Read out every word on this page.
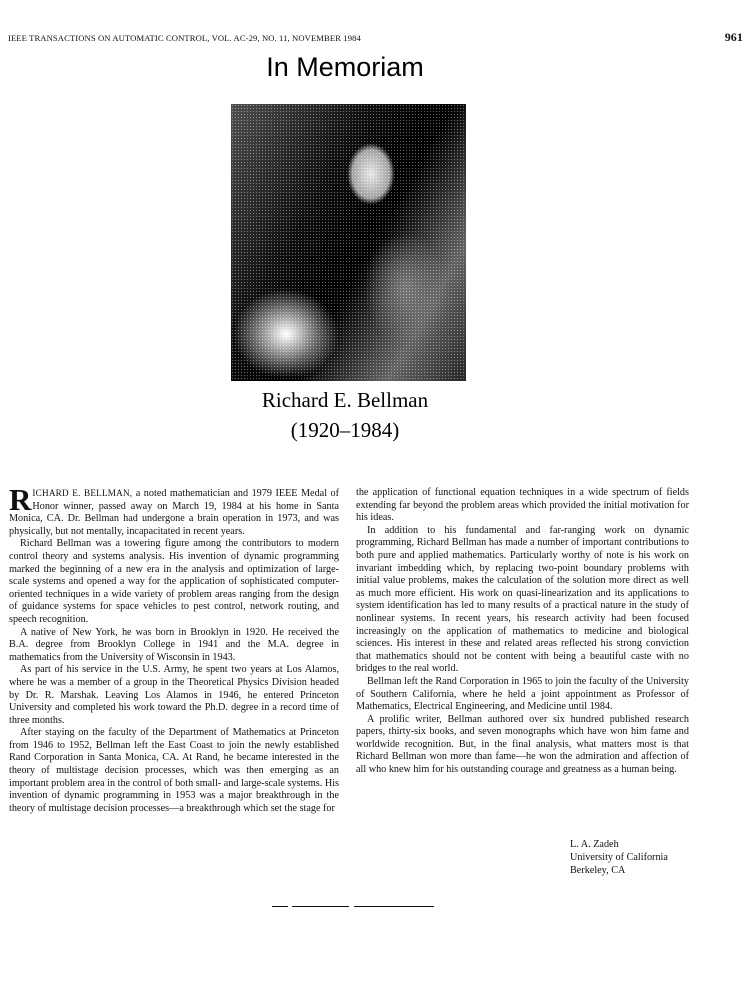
IEEE TRANSACTIONS ON AUTOMATIC CONTROL, VOL. AC-29, NO. 11, NOVEMBER 1984	961
In Memoriam
Richard E. Bellman
(1920–1984)

RICHARD E. BELLMAN, a noted mathematician and 1979 IEEE Medal of Honor winner, passed away on March 19, 1984 at his home in Santa Monica, CA. Dr. Bellman had undergone a brain operation in 1973, and was physically, but not mentally, incapacitated in recent years.

Richard Bellman was a towering figure among the contributors to modern control theory and systems analysis. His invention of dynamic programming marked the beginning of a new era in the analysis and optimization of large-scale systems and opened a way for the application of sophisticated computer-oriented techniques in a wide variety of problem areas ranging from the design of guidance systems for space vehicles to pest control, network routing, and speech recognition.

A native of New York, he was born in Brooklyn in 1920. He received the B.A. degree from Brooklyn College in 1941 and the M.A. degree in mathematics from the University of Wisconsin in 1943.

As part of his service in the U.S. Army, he spent two years at Los Alamos, where he was a member of a group in the Theoretical Physics Division headed by Dr. R. Marshak. Leaving Los Alamos in 1946, he entered Princeton University and completed his work toward the Ph.D. degree in a record time of three months.

After staying on the faculty of the Department of Mathematics at Princeton from 1946 to 1952, Bellman left the East Coast to join the newly established Rand Corporation in Santa Monica, CA. At Rand, he became interested in the theory of multistage decision processes, which was then emerging as an important problem area in the control of both small- and large-scale systems. His invention of dynamic programming in 1953 was a major breakthrough in the theory of multistage decision processes—a breakthrough which set the stage for

the application of functional equation techniques in a wide spectrum of fields extending far beyond the problem areas which provided the initial motivation for his ideas.

In addition to his fundamental and far-ranging work on dynamic programming, Richard Bellman has made a number of important contributions to both pure and applied mathematics. Particularly worthy of note is his work on invariant imbedding which, by replacing two-point boundary problems with initial value problems, makes the calculation of the solution more direct as well as much more efficient. His work on quasi-linearization and its applications to system identification has led to many results of a practical nature in the study of nonlinear systems. In recent years, his research activity had been focused increasingly on the application of mathematics to medicine and biological sciences. His interest in these and related areas reflected his strong conviction that mathematics should not be content with being a beautiful caste with no bridges to the real world.

Bellman left the Rand Corporation in 1965 to join the faculty of the University of Southern California, where he held a joint appointment as Professor of Mathematics, Electrical Engineering, and Medicine until 1984.

A prolific writer, Bellman authored over six hundred published research papers, thirty-six books, and seven monographs which have won him fame and worldwide recognition. But, in the final analysis, what matters most is that Richard Bellman won more than fame—he won the admiration and affection of all who knew him for his outstanding courage and greatness as a human being.

L. A. Zadeh
University of California
Berkeley, CA
